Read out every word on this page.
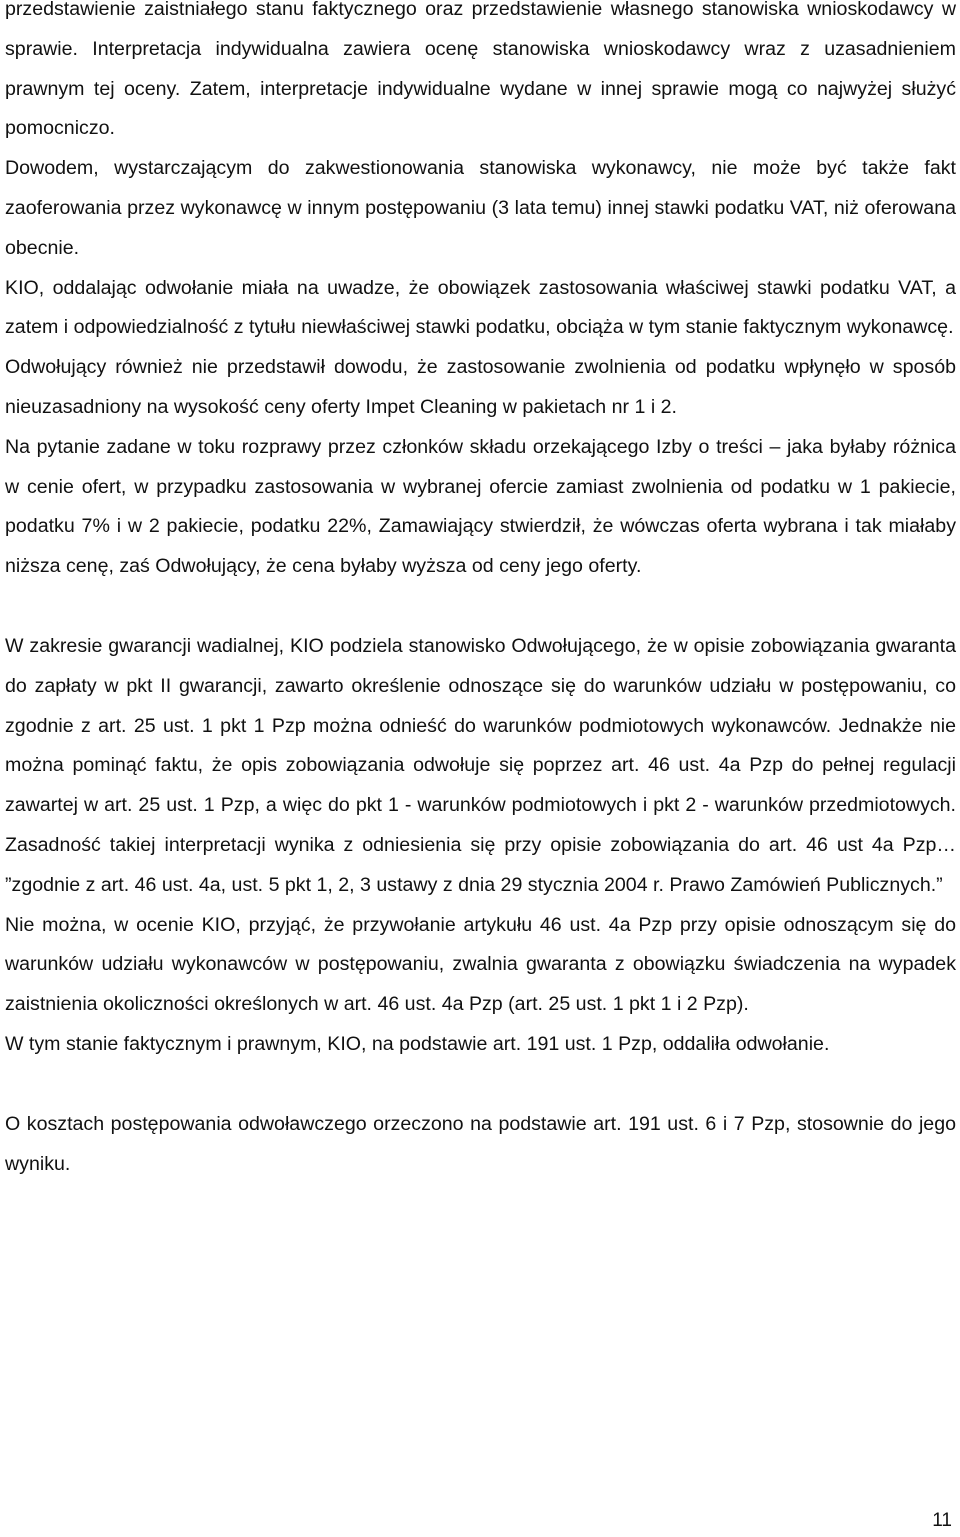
przedstawienie zaistniałego stanu faktycznego oraz przedstawienie własnego stanowiska wnioskodawcy w sprawie. Interpretacja indywidualna zawiera ocenę stanowiska wnioskodawcy wraz z uzasadnieniem prawnym tej oceny. Zatem, interpretacje indywidualne wydane w innej sprawie mogą co najwyżej służyć pomocniczo.

Dowodem, wystarczającym do zakwestionowania stanowiska wykonawcy, nie może być także fakt zaoferowania przez wykonawcę w innym postępowaniu (3 lata temu) innej stawki podatku VAT, niż oferowana obecnie.

KIO, oddalając odwołanie miała na uwadze, że obowiązek zastosowania właściwej stawki podatku VAT, a zatem i odpowiedzialność z tytułu niewłaściwej stawki podatku, obciąża w tym stanie faktycznym wykonawcę.

Odwołujący również nie przedstawił dowodu, że zastosowanie zwolnienia od podatku wpłynęło w sposób nieuzasadniony na wysokość ceny oferty Impet Cleaning w pakietach nr 1 i 2.

Na pytanie zadane w toku rozprawy przez członków składu orzekającego Izby o treści – jaka byłaby różnica w cenie ofert, w przypadku zastosowania w wybranej ofercie zamiast zwolnienia od podatku w 1 pakiecie, podatku 7% i w 2 pakiecie, podatku 22%, Zamawiający stwierdził, że wówczas oferta wybrana i tak miałaby niższa cenę, zaś Odwołujący, że cena byłaby wyższa od ceny jego oferty.

W zakresie gwarancji wadialnej, KIO podziela stanowisko Odwołującego, że w opisie zobowiązania gwaranta do zapłaty w pkt II gwarancji, zawarto określenie odnoszące się do warunków udziału w postępowaniu, co zgodnie z art. 25 ust. 1 pkt 1 Pzp można odnieść do warunków podmiotowych wykonawców. Jednakże nie można pominąć faktu, że opis zobowiązania odwołuje się poprzez art. 46 ust. 4a Pzp do pełnej regulacji zawartej w art. 25 ust. 1 Pzp, a więc do pkt 1 - warunków podmiotowych i pkt 2 - warunków przedmiotowych. Zasadność takiej interpretacji wynika z odniesienia się przy opisie zobowiązania do art. 46 ust 4a Pzp… ”zgodnie z art. 46 ust. 4a, ust. 5 pkt 1, 2, 3 ustawy z dnia 29 stycznia 2004 r. Prawo Zamówień Publicznych.”

Nie można, w ocenie KIO, przyjąć, że przywołanie artykułu 46 ust. 4a Pzp przy opisie odnoszącym się do warunków udziału wykonawców w postępowaniu, zwalnia gwaranta z obowiązku świadczenia na wypadek zaistnienia okoliczności określonych w art. 46 ust. 4a Pzp (art. 25 ust. 1 pkt 1 i 2 Pzp).

W tym stanie faktycznym i prawnym, KIO, na podstawie art. 191 ust. 1 Pzp, oddaliła odwołanie.

O kosztach postępowania odwoławczego orzeczono na podstawie art. 191 ust. 6 i 7 Pzp, stosownie do jego wyniku.

11
